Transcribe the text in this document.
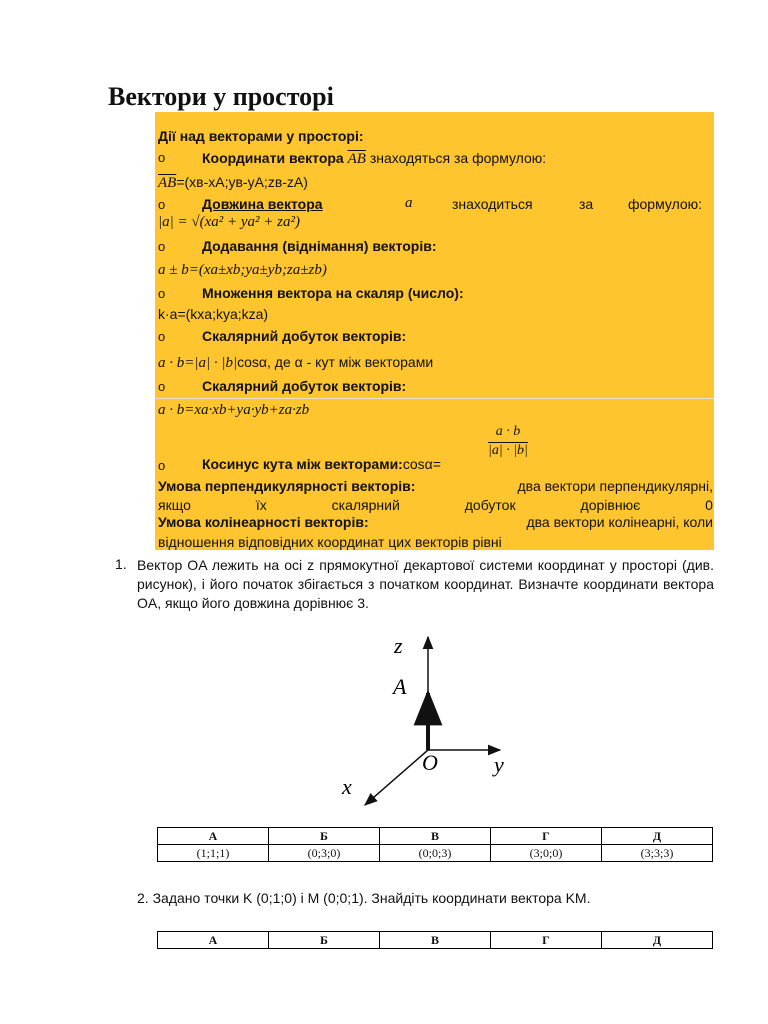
Вектори у просторі
Дії над векторами у просторі:
o	Координати вектора $\overline{AB}$ знаходяться за формулою:
$\overline{AB}=(xв-xA;yв-yA;zв-zA)$
o	Довжина вектора	a	знаходиться	за формулою:
|a| = √(xa² + ya² + za²)
o	Додавання (віднімання) векторів:
a ± b=(xa±xb;ya±yb;za±zb)
o	Множення вектора на скаляр (число):
k·a=(kxa;kya;kza)
o	Скалярний добуток векторів:
a · b=|a| · |b|cosα, де α - кут між векторами
o	Скалярний добуток векторів:
a · b=xa·xb+ya·yb+za·zb
$\frac{a \cdot b}{|a| \cdot |b|}$
o	Косинус кута між векторами:cosα=
Умова перпендикулярності векторів:	два вектори перпендикулярні,
якщо	їх	скалярний	добуток	дорівнює	0
Умова колінеарності векторів:	два вектори колінеарні, коли
відношення відповідних координат цих векторів рівні
1. Вектор OA лежить на осі z прямокутної декартової системи координат у просторі (див. рисунок), і його початок збігається з початком координат. Визначте координати вектора OA, якщо його довжина дорівнює 3.
z
A
O	y
x
А	Б	В	Г	Д
(1;1;1)	(0;3;0)	(0;0;3)	(3;0;0)	(3;3;3)
2. Задано точки K (0;1;0) і M (0;0;1). Знайдіть координати вектора KM.
А	Б	В	Г	Д
